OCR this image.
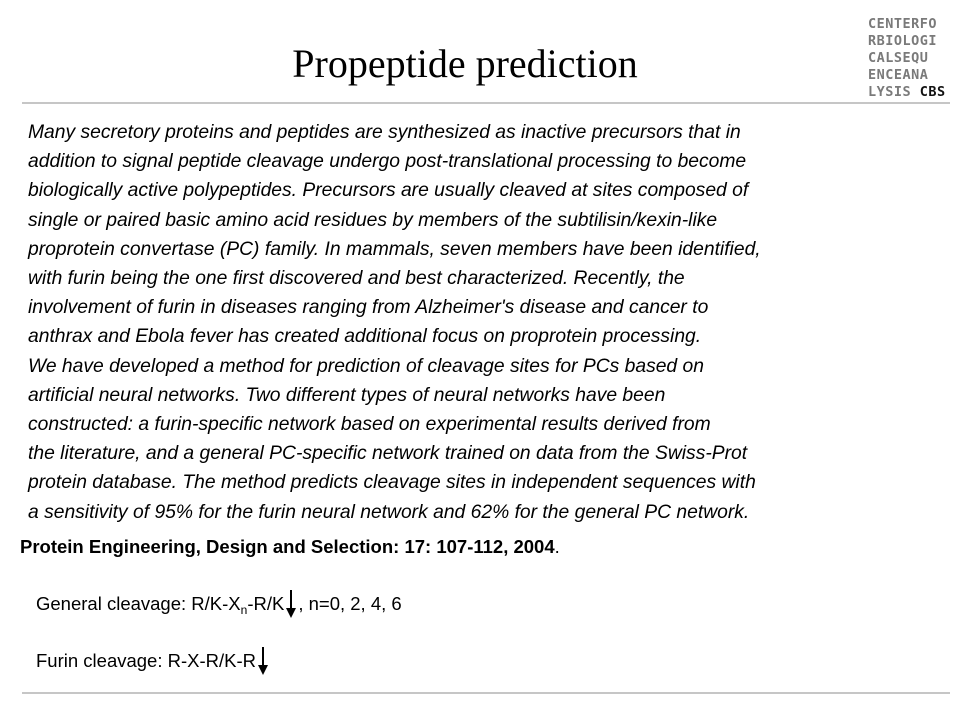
Propeptide prediction
CENTERFO
RBIOLOGI
CALSEQU
ENCEANA
LYSIS CBS
Many secretory proteins and peptides are synthesized as inactive precursors that in
addition to signal peptide cleavage undergo post-translational processing to become
biologically active polypeptides. Precursors are usually cleaved at sites composed of
single or paired basic amino acid residues by members of the subtilisin/kexin-like
proprotein convertase (PC) family. In mammals, seven members have been identified,
with furin being the one first discovered and best characterized. Recently, the
involvement of furin in diseases ranging from Alzheimer's disease and cancer to
anthrax and Ebola fever has created additional focus on proprotein processing.
We have developed a method for prediction of cleavage sites for PCs based on
artificial neural networks. Two different types of neural networks have been
constructed: a furin-specific network based on experimental results derived from
the literature, and a general PC-specific network trained on data from the Swiss-Prot
protein database. The method predicts cleavage sites in independent sequences with
a sensitivity of 95% for the furin neural network and 62% for the general PC network.
Protein Engineering, Design and Selection: 17: 107-112, 2004.
General cleavage: $R/K-X_n-R/K$ , n=0, 2, 4, 6
Furin cleavage: R-X-R/K-R
